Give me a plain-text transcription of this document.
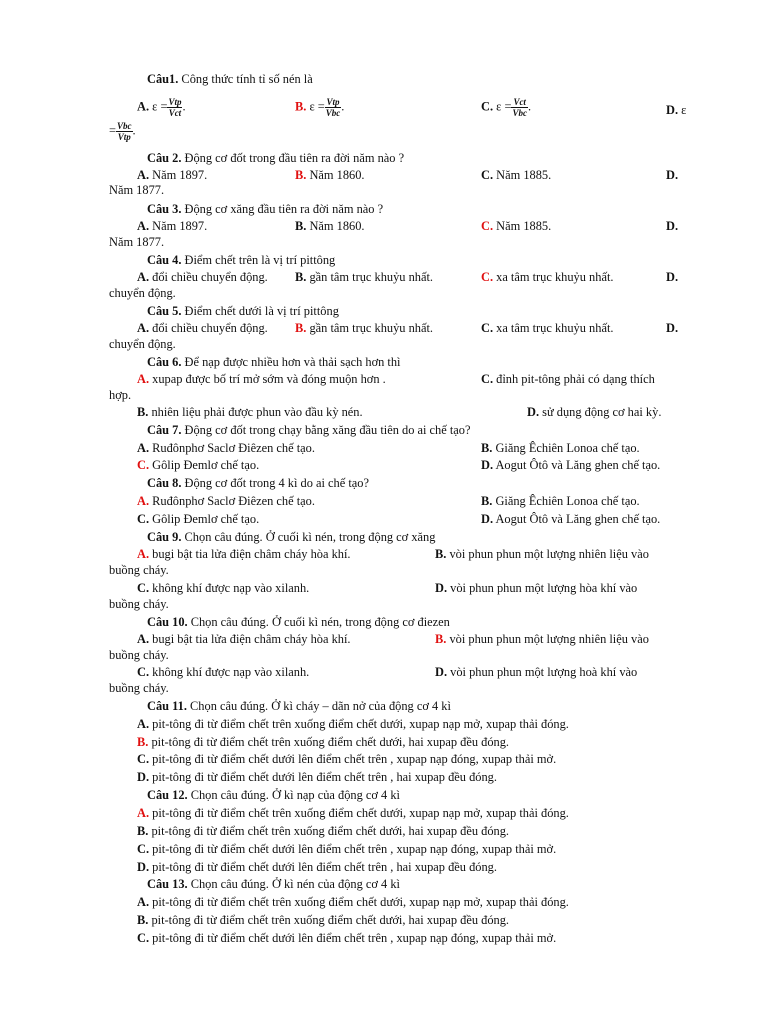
Câu1. Công thức tính tỉ số nén là
A. $\varepsilon = \frac{\text{Vtp}}{\text{Vct}}$ .	B. $\varepsilon = \frac{\text{Vtp}}{\text{Vbc}}$ .	C. $\varepsilon = \frac{\text{Vct}}{\text{Vbc}}$ .	D. ε
= $\frac{\text{Vbc}}{\text{Vtp}}$ .
Câu 2. Động cơ đốt trong đầu tiên ra đời năm nào ?
A. Năm 1897.	B. Năm 1860.	C. Năm 1885.	D.
Năm 1877.
Câu 3. Động cơ xăng đầu tiên ra đời năm nào ?
A. Năm 1897.	B. Năm 1860.	C. Năm 1885.	D.
Năm 1877.
Câu 4. Điểm chết trên là vị trí pittông
A. đổi chiều chuyển động. B. gần tâm trục khuỷu nhất.	C. xa tâm trục khuỷu nhất.	D.
chuyển động.
Câu 5. Điểm chết dưới là vị trí pittông
A. đổi chiều chuyển động. B. gần tâm trục khuỷu nhất.	C. xa tâm trục khuỷu nhất.	D.
chuyển động.
Câu 6. Để nạp được nhiều hơn và thải sạch hơn thì
A. xupap được bố trí mở sớm và đóng muộn hơn .	C. đỉnh pit-tông phải có dạng thích
hợp.
B. nhiên liệu phải được phun vào đầu kỳ nén.	D. sử dụng động cơ hai kỳ.
Câu 7. Động cơ đốt trong chạy bằng xăng đầu tiên do ai chế tạo?
A. Ruđônphơ Saclơ Điêzen chế tạo.	B. Giăng Êchiên Lonoa chế tạo.
C. Gôlip Đemlơ chế tạo.	D. Aogut Ôtô và Lăng ghen chế tạo.
Câu 8. Động cơ đốt trong 4 kì do ai chế tạo?
A. Ruđônphơ Saclơ Điêzen chế tạo.	B. Giăng Êchiên Lonoa chế tạo.
C. Gôlip Đemlơ chế tạo.	D. Aogut Ôtô và Lăng ghen chế tạo.
Câu 9. Chọn câu đúng. Ở cuối kì nén, trong động cơ xăng
A. bugi bật tia lửa điện châm cháy hòa khí.	B. vòi phun phun một lượng nhiên liệu vào
buồng cháy.
C. không khí được nạp vào xilanh.	D. vòi phun phun một lượng hòa khí vào
buồng cháy.
Câu 10. Chọn câu đúng. Ở cuối kì nén, trong động cơ điezen
A. bugi bật tia lửa điện châm cháy hòa khí.	B. vòi phun phun một lượng nhiên liệu vào
buồng cháy.
C. không khí được nạp vào xilanh.	D. vòi phun phun một lượng hoà khí vào
buồng cháy.
Câu 11. Chọn câu đúng. Ở kì cháy – dãn nở của động cơ 4 kì
A. pit-tông đi từ điểm chết trên xuống điểm chết dưới, xupap nạp mở, xupap thải đóng.
B. pit-tông đi từ điểm chết trên xuống điểm chết dưới, hai xupap đều đóng.
C. pit-tông đi từ điểm chết dưới lên điểm chết trên , xupap nạp đóng, xupap thải mở.
D. pit-tông đi từ điểm chết dưới lên điểm chết trên , hai xupap đều đóng.
Câu 12. Chọn câu đúng. Ở kì nạp của động cơ 4 kì
A. pit-tông đi từ điểm chết trên xuống điểm chết dưới, xupap nạp mở, xupap thải đóng.
B. pit-tông đi từ điểm chết trên xuống điểm chết dưới, hai xupap đều đóng.
C. pit-tông đi từ điểm chết dưới lên điểm chết trên , xupap nạp đóng, xupap thải mở.
D. pit-tông đi từ điểm chết dưới lên điểm chết trên , hai xupap đều đóng.
Câu 13. Chọn câu đúng. Ở kì nén của động cơ 4 kì
A. pit-tông đi từ điểm chết trên xuống điểm chết dưới, xupap nạp mở, xupap thải đóng.
B. pit-tông đi từ điểm chết trên xuống điểm chết dưới, hai xupap đều đóng.
C. pit-tông đi từ điểm chết dưới lên điểm chết trên , xupap nạp đóng, xupap thải mở.
